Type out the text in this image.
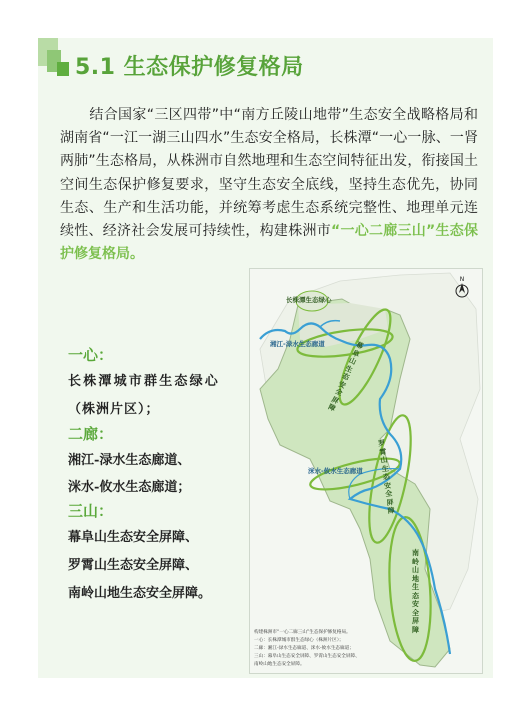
5.1 生态保护修复格局
结合国家“三区四带”中“南方丘陵山地带”生态安全战略格局和湖南省“一江一湖三山四水”生态安全格局，长株潭“一心一脉、一肾两肺”生态格局，从株洲市自然地理和生态空间特征出发，衔接国土空间生态保护修复要求，坚守生态安全底线，坚持生态优先，协同生态、生产和生活功能，并统筹考虑生态系统完整性、地理单元连续性、经济社会发展可持续性，构建株洲市“一心二廊三山”生态保护修复格局。
一心：
长株潭城市群生态绿心
（株洲片区）；
二廊：
湘江-渌水生态廊道、
洣水-攸水生态廊道；
三山：
幕阜山生态安全屏障、
罗霄山生态安全屏障、
南岭山地生态安全屏障。
N
长株潭生态绿心
湘江-渌水生态廊道
洣水-攸水生态廊道
幕阜山生态安全屏障
罗霄山生态安全屏障
南岭山地生态安全屏障
构建株洲市“一心二廊三山”生态保护修复格局。
一心：长株潭城市群生态绿心（株洲片区）；
二廊：湘江-渌水生态廊道、洣水-攸水生态廊道；
三山：幕阜山生态安全屏障、罗霄山生态安全屏障、
南岭山地生态安全屏障。
